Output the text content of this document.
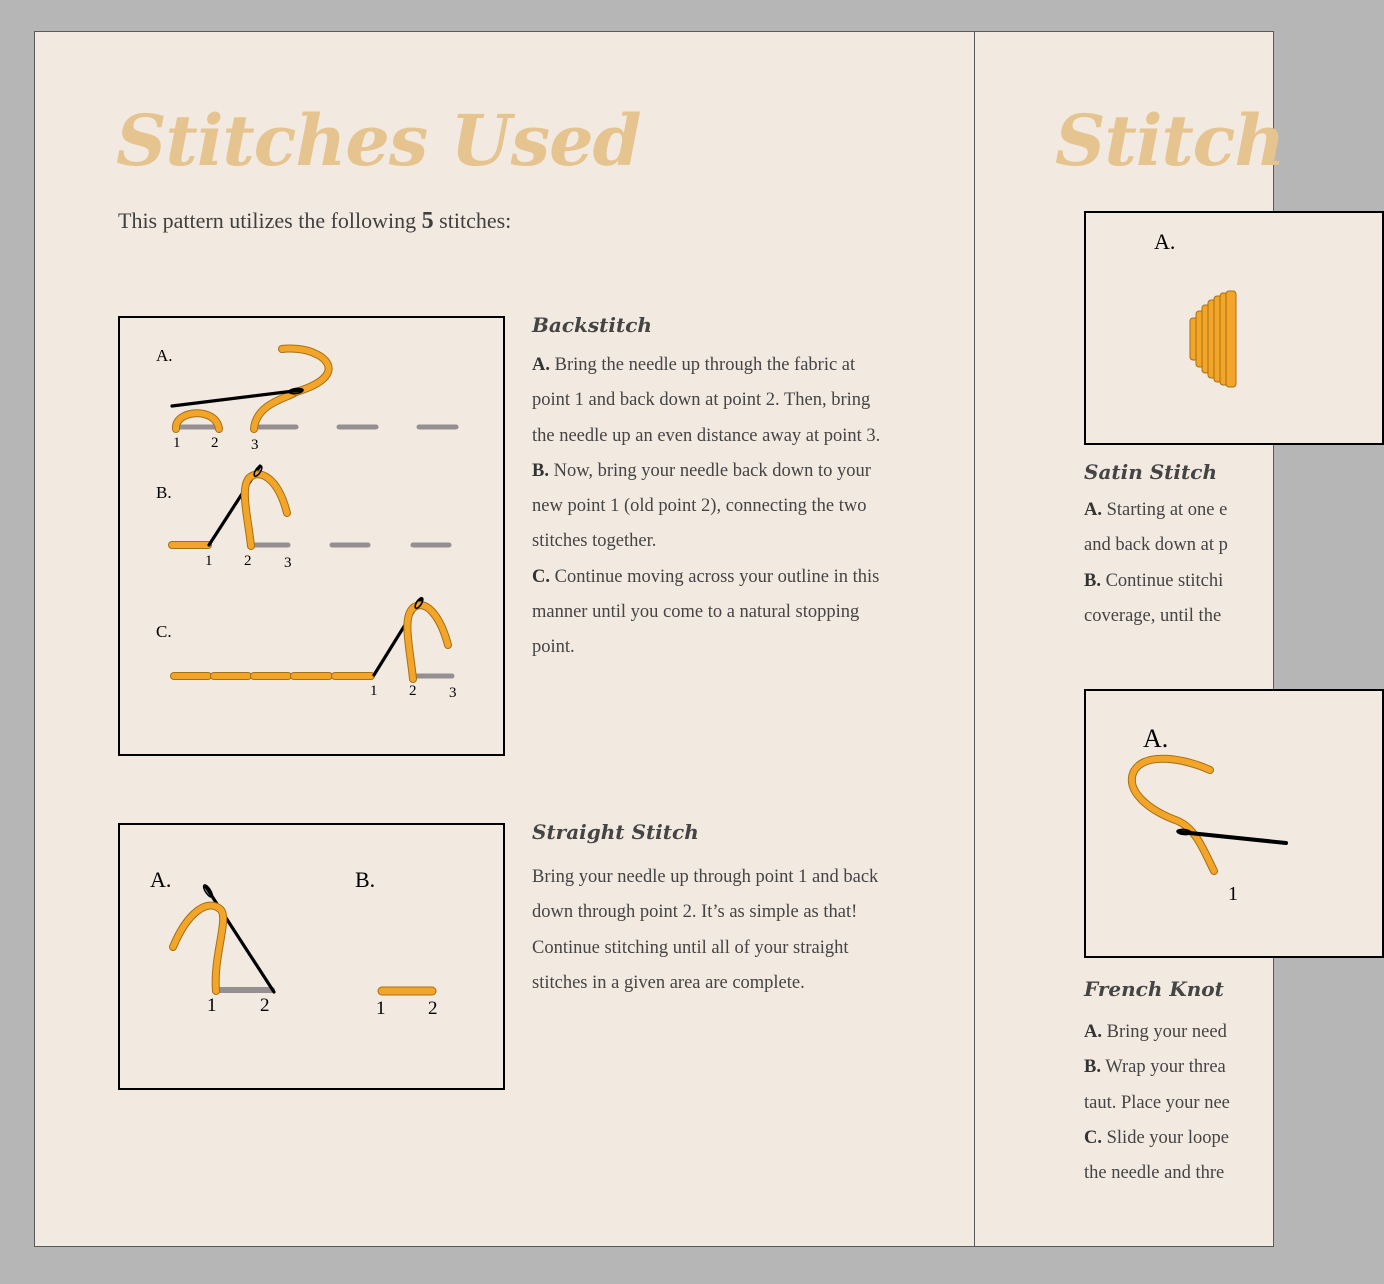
Stitches Used

This pattern utilizes the following 5 stitches:

A.
B.
C.
1 2 3
1 2 3
1 2 3
Backstitch

A. Bring the needle up through the fabric at point 1 and back down at point 2. Then, bring the needle up an even distance away at point 3.

B. Now, bring your needle back down to your new point 1 (old point 2), connecting the two stitches together.

C. Continue moving across your outline in this manner until you come to a natural stopping point.

A.	B.
1 2	1 2
Straight Stitch

Bring your needle up through point 1 and back down through point 2. It’s as simple as that! Continue stitching until all of your straight stitches in a given area are complete.

Stitch
A.
Satin Stitch

A. Starting at one e

and back down at p

B. Continue stitchi

coverage, until the

A.
1
French Knot

A. Bring your need

B. Wrap your threa

taut. Place your nee

C. Slide your loope

the needle and thre
